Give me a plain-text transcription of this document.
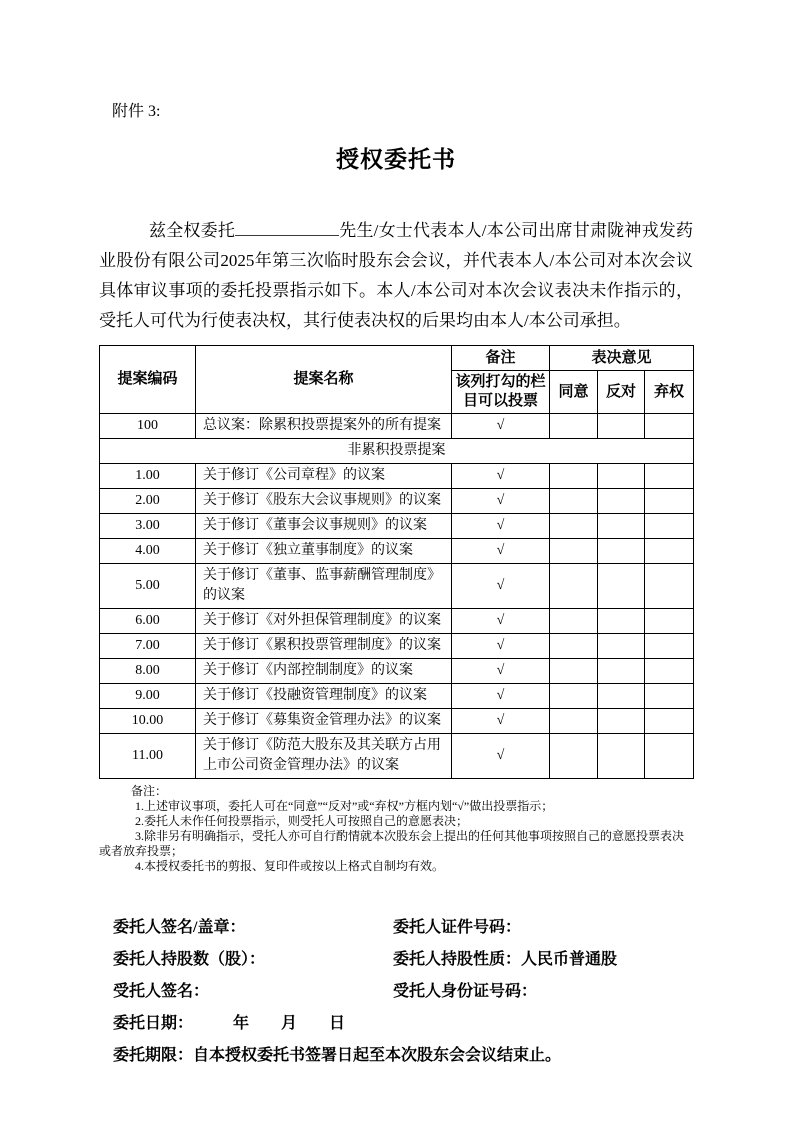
附件 3:
授权委托书

兹全权委托	先生/女士代表本人/本公司出席甘肃陇神戎发药业股份有限公司2025年第三次临时股东会会议，并代表本人/本公司对本次会议具体审议事项的委托投票指示如下。本人/本公司对本次会议表决未作指示的，受托人可代为行使表决权，其行使表决权的后果均由本人/本公司承担。

提案编码	提案名称	备注	表决意见		
		该列打勾的栏目可以投票	同意	反对	弃权
100	总议案：除累积投票提案外的所有提案	√			
非累积投票提案					
1.00	关于修订《公司章程》的议案	√			
2.00	关于修订《股东大会议事规则》的议案	√			
3.00	关于修订《董事会议事规则》的议案	√			
4.00	关于修订《独立董事制度》的议案	√			
5.00	关于修订《董事、监事薪酬管理制度》的议案	√			
6.00	关于修订《对外担保管理制度》的议案	√			
7.00	关于修订《累积投票管理制度》的议案	√			
8.00	关于修订《内部控制制度》的议案	√			
9.00	关于修订《投融资管理制度》的议案	√			
10.00	关于修订《募集资金管理办法》的议案	√			
11.00	关于修订《防范大股东及其关联方占用上市公司资金管理办法》的议案	√			

备注：

1.上述审议事项，委托人可在“同意”“反对”或“弃权”方框内划“√”做出投票指示；

2.委托人未作任何投票指示，则受托人可按照自己的意愿表决；

3.除非另有明确指示，受托人亦可自行酌情就本次股东会上提出的任何其他事项按照自己的意愿投票表决或者放弃投票；

4.本授权委托书的剪报、复印件或按以上格式自制均有效。

委托人签名/盖章：	委托人证件号码：
委托人持股数（股）：	委托人持股性质：人民币普通股
受托人签名：	受托人身份证号码：
委托日期：　　　年　　月　　日
委托期限：自本授权委托书签署日起至本次股东会会议结束止。
